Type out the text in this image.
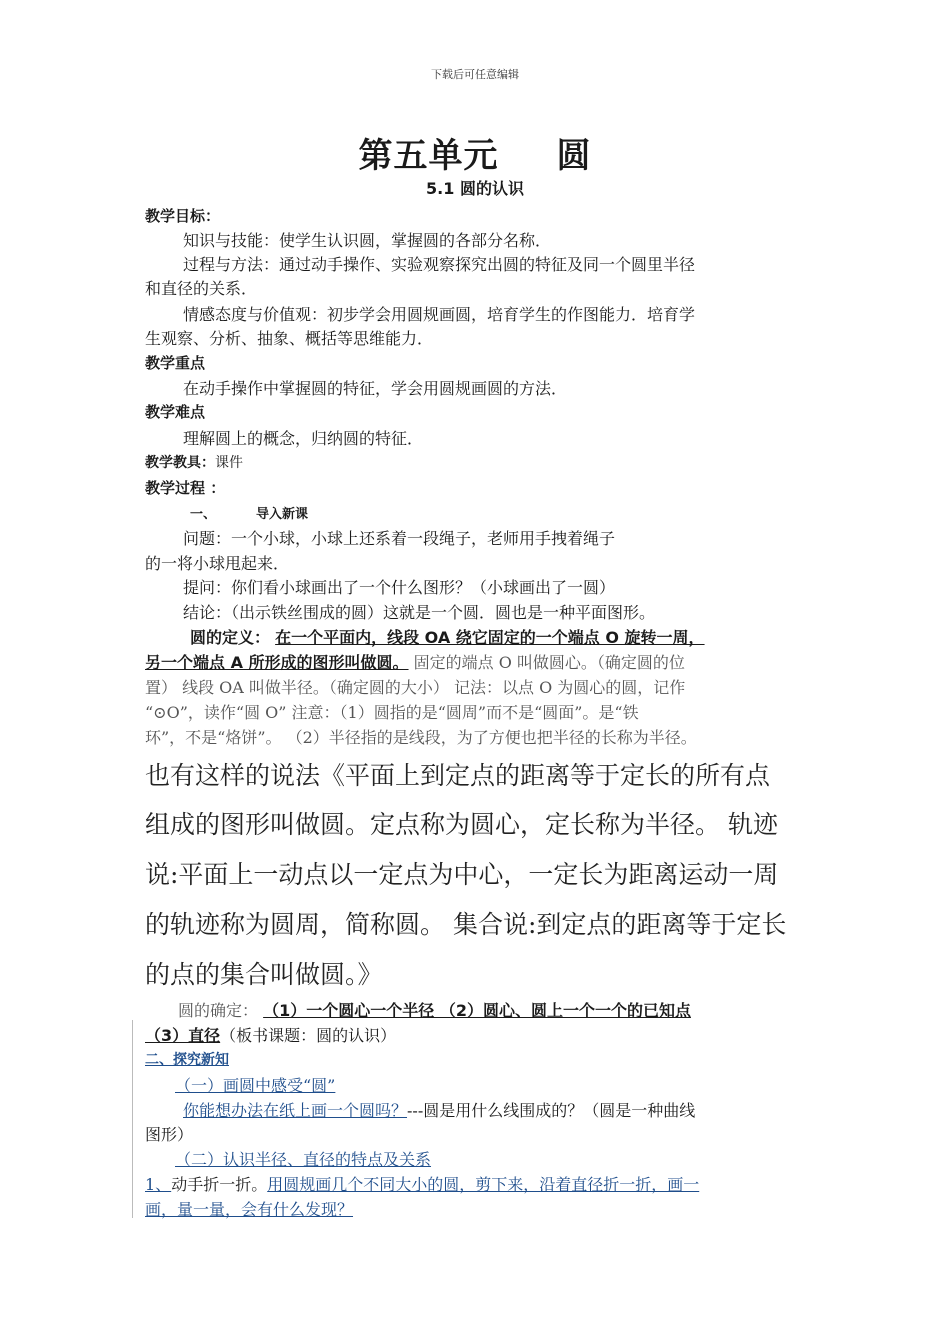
下载后可任意编辑
第五单元 圆
5.1 圆的认识
教学目标：
知识与技能：使学生认识圆，掌握圆的各部分名称．
过程与方法：通过动手操作、实验观察探究出圆的特征及同一个圆里半径
和直径的关系．
情感态度与价值观：初步学会用圆规画圆，培育学生的作图能力．培育学
生观察、分析、抽象、概括等思维能力．
教学重点
在动手操作中掌握圆的特征，学会用圆规画圆的方法．
教学难点
理解圆上的概念，归纳圆的特征．
教学教具：课件
教学过程 ：
一、	导入新课
问题：一个小球，小球上还系着一段绳子，老师用手拽着绳子
的一将小球甩起来．
提问：你们看小球画出了一个什么图形？（小球画出了一圆）
结论：（出示铁丝围成的圆）这就是一个圆．圆也是一种平面图形。
圆的定义： 在一个平面内，线段 OA 绕它固定的一个端点 O 旋转一周，
另一个端点 A 所形成的图形叫做圆。 固定的端点 O 叫做圆心。（确定圆的位
置） 线段 OA 叫做半径。（确定圆的大小） 记法：以点 O 为圆心的圆，记作
“⊙O”，读作“圆 O” 注意：（1）圆指的是“圆周”而不是“圆面”。是“铁
环”，不是“烙饼”。 （2）半径指的是线段，为了方便也把半径的长称为半径。
也有这样的说法《平面上到定点的距离等于定长的所有点
组成的图形叫做圆。定点称为圆心，定长称为半径。 轨迹
说:平面上一动点以一定点为中心，一定长为距离运动一周
的轨迹称为圆周，简称圆。 集合说:到定点的距离等于定长
的点的集合叫做圆。》
圆的确定： （1）一个圆心一个半径 （2）圆心、圆上一个一个的已知点
（3）直径（板书课题：圆的认识）
二、探究新知
（一）画圆中感受“圆”
你能想办法在纸上画一个圆吗？---圆是用什么线围成的？（圆是一种曲线
图形）
（二）认识半径、直径的特点及关系
1、动手折一折。用圆规画几个不同大小的圆，剪下来，沿着直径折一折，画一
画，量一量，会有什么发现？
